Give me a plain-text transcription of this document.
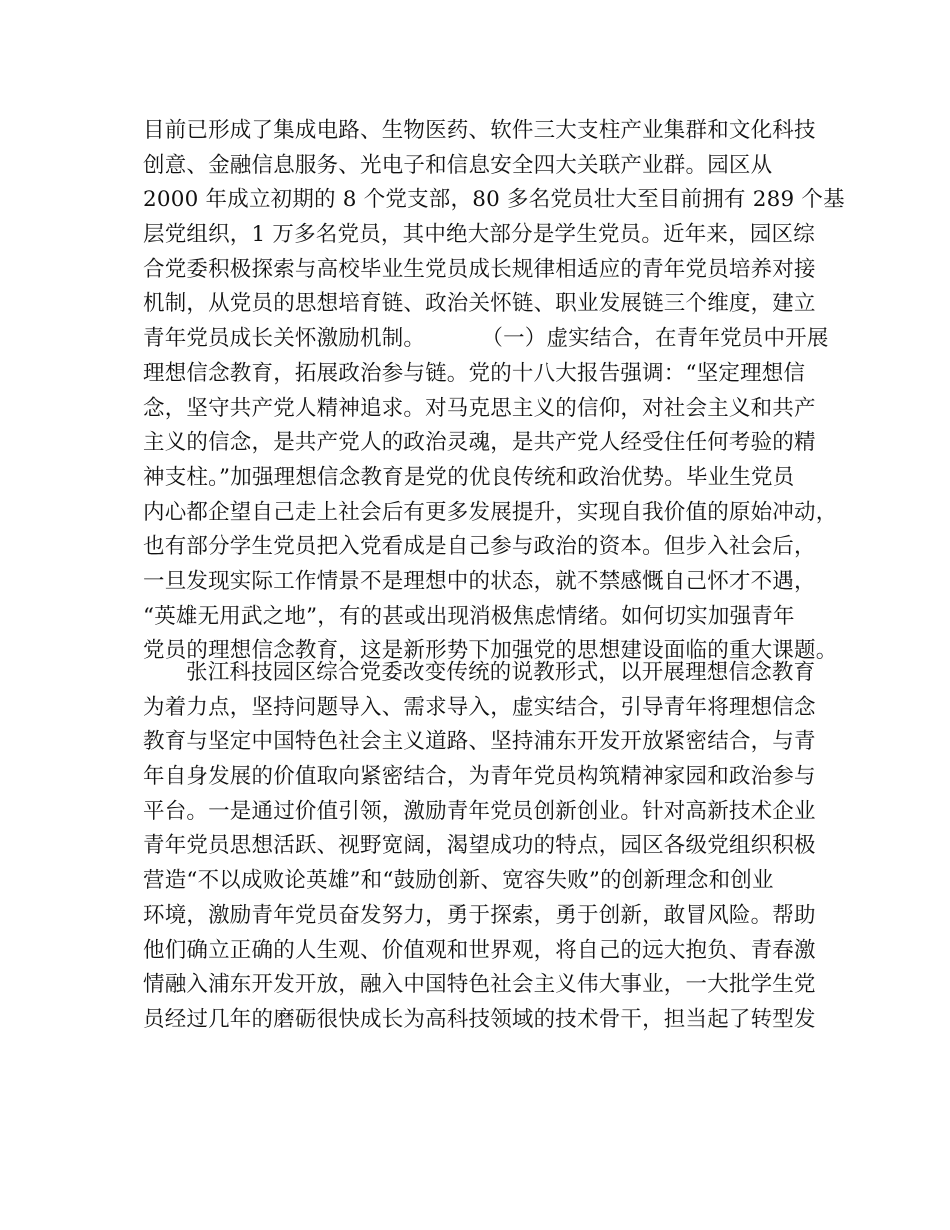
目前已形成了集成电路、生物医药、软件三大支柱产业集群和文化科技
创意、金融信息服务、光电子和信息安全四大关联产业群。园区从
2000 年成立初期的 8 个党支部，80 多名党员壮大至目前拥有 289 个基
层党组织，1 万多名党员，其中绝大部分是学生党员。近年来，园区综
合党委积极探索与高校毕业生党员成长规律相适应的青年党员培养对接
机制，从党员的思想培育链、政治关怀链、职业发展链三个维度，建立
青年党员成长关怀激励机制。        （一）虚实结合，在青年党员中开展
理想信念教育，拓展政治参与链。党的十八大报告强调：“坚定理想信
念，坚守共产党人精神追求。对马克思主义的信仰，对社会主义和共产
主义的信念，是共产党人的政治灵魂，是共产党人经受住任何考验的精
神支柱。”加强理想信念教育是党的优良传统和政治优势。毕业生党员
内心都企望自己走上社会后有更多发展提升，实现自我价值的原始冲动，
也有部分学生党员把入党看成是自己参与政治的资本。但步入社会后，
一旦发现实际工作情景不是理想中的状态，就不禁感慨自己怀才不遇，
“英雄无用武之地”，有的甚或出现消极焦虑情绪。如何切实加强青年
党员的理想信念教育，这是新形势下加强党的思想建设面临的重大课题。
张江科技园区综合党委改变传统的说教形式，以开展理想信念教育
为着力点，坚持问题导入、需求导入，虚实结合，引导青年将理想信念
教育与坚定中国特色社会主义道路、坚持浦东开发开放紧密结合，与青
年自身发展的价值取向紧密结合，为青年党员构筑精神家园和政治参与
平台。一是通过价值引领，激励青年党员创新创业。针对高新技术企业
青年党员思想活跃、视野宽阔，渴望成功的特点，园区各级党组织积极
营造“不以成败论英雄”和“鼓励创新、宽容失败”的创新理念和创业
环境，激励青年党员奋发努力，勇于探索，勇于创新，敢冒风险。帮助
他们确立正确的人生观、价值观和世界观，将自己的远大抱负、青春激
情融入浦东开发开放，融入中国特色社会主义伟大事业，一大批学生党
员经过几年的磨砺很快成长为高科技领域的技术骨干，担当起了转型发
